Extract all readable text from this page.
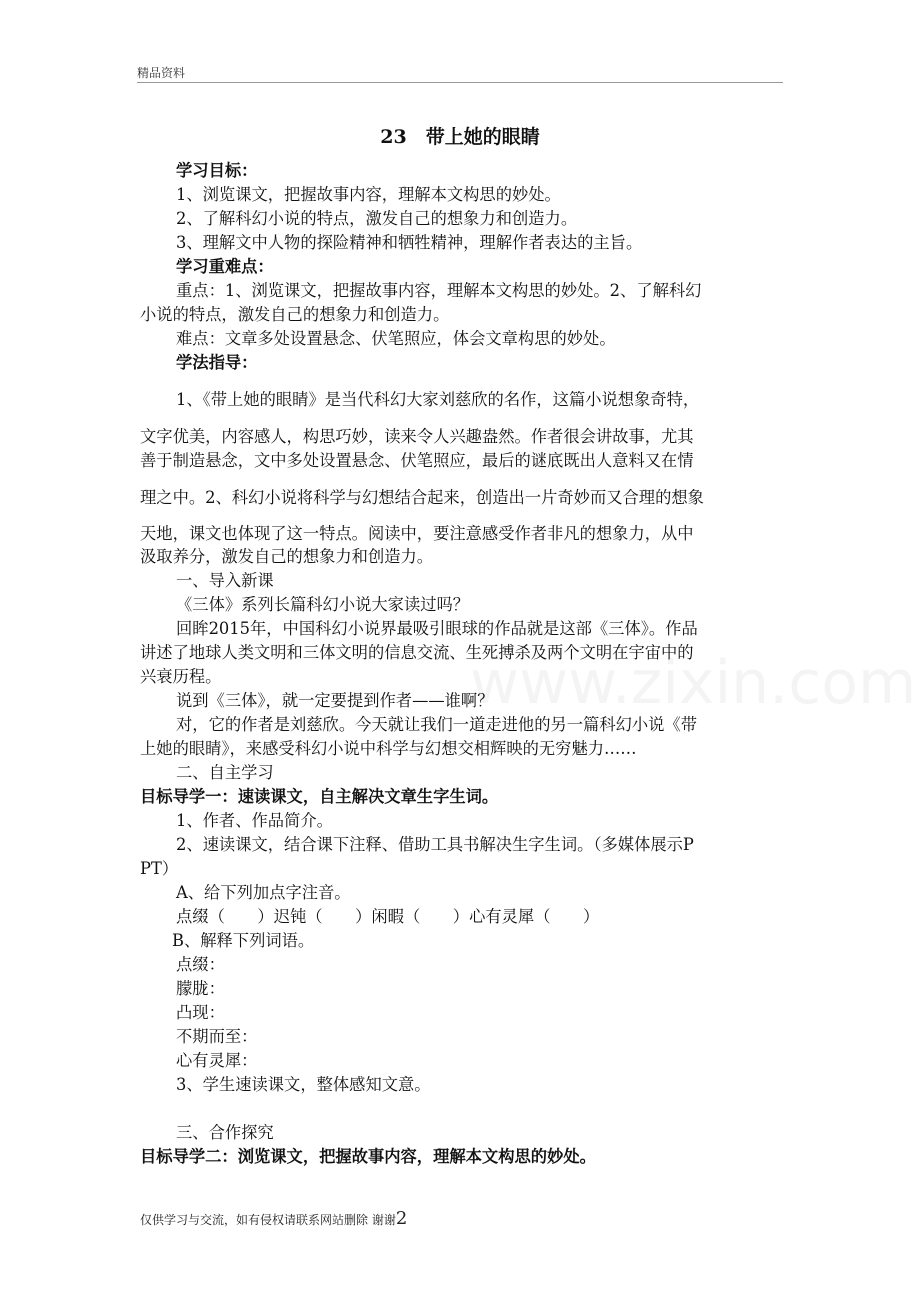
精品资料
23　带上她的眼睛
学习目标：
1、浏览课文，把握故事内容，理解本文构思的妙处。
2、了解科幻小说的特点，激发自己的想象力和创造力。
3、理解文中人物的探险精神和牺牲精神，理解作者表达的主旨。
学习重难点：
重点：1、浏览课文，把握故事内容，理解本文构思的妙处。2、了解科幻
小说的特点，激发自己的想象力和创造力。
难点：文章多处设置悬念、伏笔照应，体会文章构思的妙处。
学法指导：
1、《带上她的眼睛》是当代科幻大家刘慈欣的名作，这篇小说想象奇特，
文字优美，内容感人，构思巧妙，读来令人兴趣盎然。作者很会讲故事，尤其
善于制造悬念，文中多处设置悬念、伏笔照应，最后的谜底既出人意料又在情
理之中。2、科幻小说将科学与幻想结合起来，创造出一片奇妙而又合理的想象
天地，课文也体现了这一特点。阅读中，要注意感受作者非凡的想象力，从中
汲取养分，激发自己的想象力和创造力。
一、导入新课
《三体》系列长篇科幻小说大家读过吗？
回眸2015年，中国科幻小说界最吸引眼球的作品就是这部《三体》。作品
讲述了地球人类文明和三体文明的信息交流、生死搏杀及两个文明在宇宙中的
兴衰历程。
说到《三体》，就一定要提到作者——谁啊？
对，它的作者是刘慈欣。今天就让我们一道走进他的另一篇科幻小说《带
上她的眼睛》，来感受科幻小说中科学与幻想交相辉映的无穷魅力……
二、自主学习
目标导学一：速读课文，自主解决文章生字生词。
1、作者、作品简介。
2、速读课文，结合课下注释、借助工具书解决生字生词。（多媒体展示P
PT）
A、给下列加点字注音。
点缀（　　）迟钝（　　）闲暇（　　）心有灵犀（　　）
B、解释下列词语。
点缀：
朦胧：
凸现：
不期而至：
心有灵犀：
3、学生速读课文，整体感知文意。
三、合作探究
目标导学二：浏览课文，把握故事内容，理解本文构思的妙处。
仅供学习与交流，如有侵权请联系网站删除 谢谢2
